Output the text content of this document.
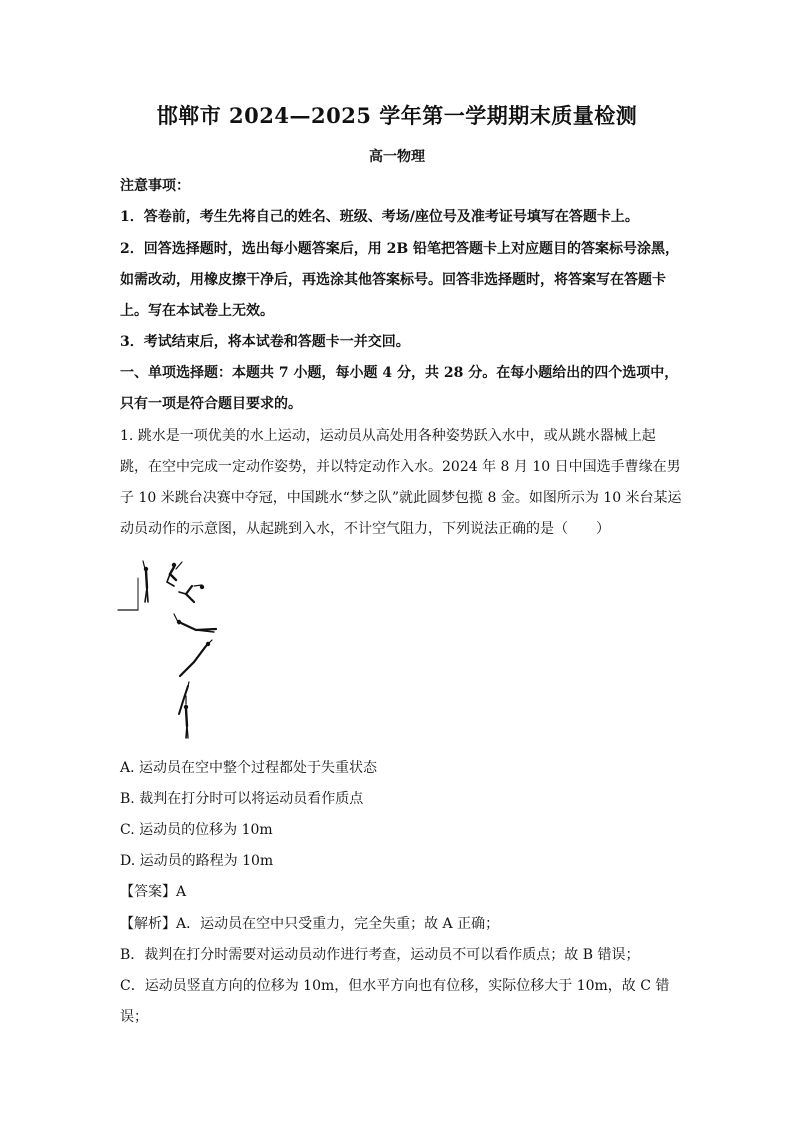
邯郸市 2024—2025 学年第一学期期末质量检测
高一物理
注意事项：
1．答卷前，考生先将自己的姓名、班级、考场/座位号及准考证号填写在答题卡上。
2．回答选择题时，选出每小题答案后，用 2B 铅笔把答题卡上对应题目的答案标号涂黑，
如需改动，用橡皮擦干净后，再选涂其他答案标号。回答非选择题时，将答案写在答题卡
上。写在本试卷上无效。
3．考试结束后，将本试卷和答题卡一并交回。
一、单项选择题：本题共 7 小题，每小题 4 分，共 28 分。在每小题给出的四个选项中，
只有一项是符合题目要求的。
1. 跳水是一项优美的水上运动，运动员从高处用各种姿势跃入水中，或从跳水器械上起
跳，在空中完成一定动作姿势，并以特定动作入水。2024 年 8 月 10 日中国选手曹缘在男
子 10 米跳台决赛中夺冠，中国跳水“梦之队”就此圆梦包揽 8 金。如图所示为 10 米台某运
动员动作的示意图，从起跳到入水，不计空气阻力，下列说法正确的是（　　）
A. 运动员在空中整个过程都处于失重状态
B. 裁判在打分时可以将运动员看作质点
C. 运动员的位移为 10m
D. 运动员的路程为 10m
【答案】A
【解析】A．运动员在空中只受重力，完全失重；故 A 正确；
B．裁判在打分时需要对运动员动作进行考查，运动员不可以看作质点；故 B 错误；
C．运动员竖直方向的位移为 10m，但水平方向也有位移，实际位移大于 10m，故 C 错
误；
